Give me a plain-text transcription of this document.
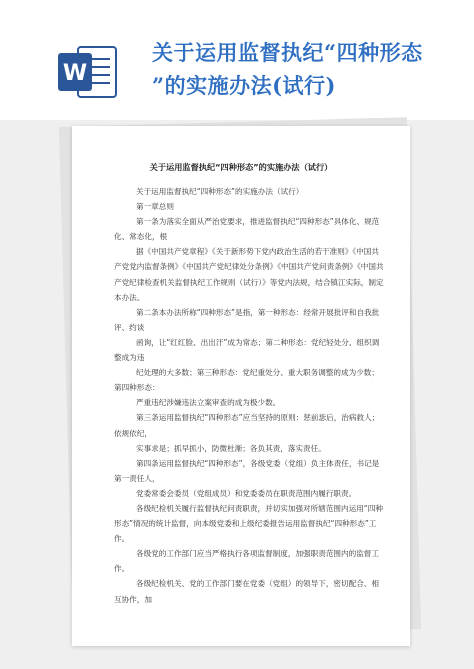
W
关于运用监督执纪“四种形态
”的实施办法(试行)
⠀
关于运用监督执纪“四种形态”的实施办法（试行）

关于运用监督执纪“四种形态”的实施办法（试行）

第一章总则

第一条为落实全面从严治党要求，推进监督执纪“四种形态”具体化、规范化、常态化，根

据《中国共产党章程》《关于新形势下党内政治生活的若干准则》《中国共产党党内监督条例》《中国共产党纪律处分条例》《中国共产党问责条例》《中国共产党纪律检查机关监督执纪工作规则（试行）》等党内法规，结合镇江实际，制定本办法。

第二条本办法所称“四种形态”是指，第一种形态：经常开展批评和自我批评、约谈

函询，让“红红脸、出出汗”成为常态；第二种形态：党纪轻处分、组织调整成为违

纪处理的大多数；第三种形态：党纪重处分、重大职务调整的成为少数；第四种形态：

严重违纪涉嫌违法立案审查的成为极少数。

第三条运用监督执纪“四种形态”应当坚持的原则：惩前毖后，治病救人；依规依纪，

实事求是；抓早抓小，防微杜渐；各负其责，落实责任。

第四条运用监督执纪“四种形态”，各级党委（党组）负主体责任，书记是第一责任人，

党委常委会委员（党组成员）和党委委员在职责范围内履行职责。

各级纪检机关履行监督执纪问责职责，并切实加强对所辖范围内运用“四种形态”情况的统计监督，向本级党委和上级纪委报告运用监督执纪“四种形态”工作。

各级党的工作部门应当严格执行各项监督制度，加强职责范围内的监督工作。

各级纪检机关、党的工作部门要在党委（党组）的领导下，密切配合、相互协作，加
